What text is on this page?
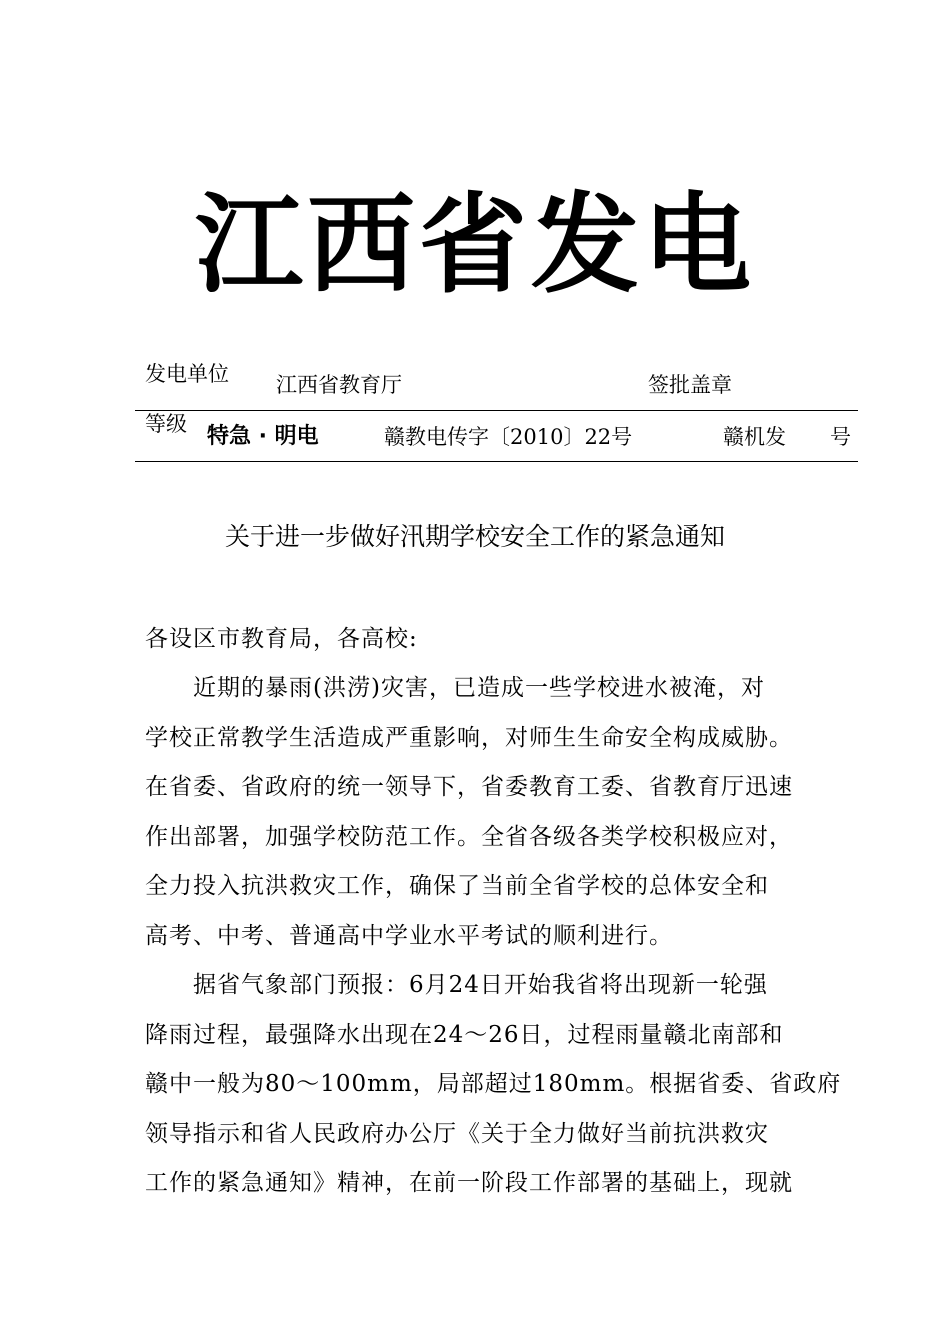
江西省发电
发电单位 江西省教育厅	签批盖章
等级 特急 · 明电	赣教电传字〔2010〕22号	赣机发 号
关于进一步做好汛期学校安全工作的紧急通知
各设区市教育局，各高校:
　　近期的暴雨(洪涝)灾害，已造成一些学校进水被淹，对
学校正常教学生活造成严重影响，对师生生命安全构成威胁。
在省委、省政府的统一领导下，省委教育工委、省教育厅迅速
作出部署，加强学校防范工作。全省各级各类学校积极应对，
全力投入抗洪救灾工作，确保了当前全省学校的总体安全和
高考、中考、普通高中学业水平考试的顺利进行。
　　据省气象部门预报：6月24日开始我省将出现新一轮强
降雨过程，最强降水出现在24～26日，过程雨量赣北南部和
赣中一般为80～100mm，局部超过180mm。根据省委、省政府
领导指示和省人民政府办公厅《关于全力做好当前抗洪救灾
工作的紧急通知》精神，在前一阶段工作部署的基础上，现就
